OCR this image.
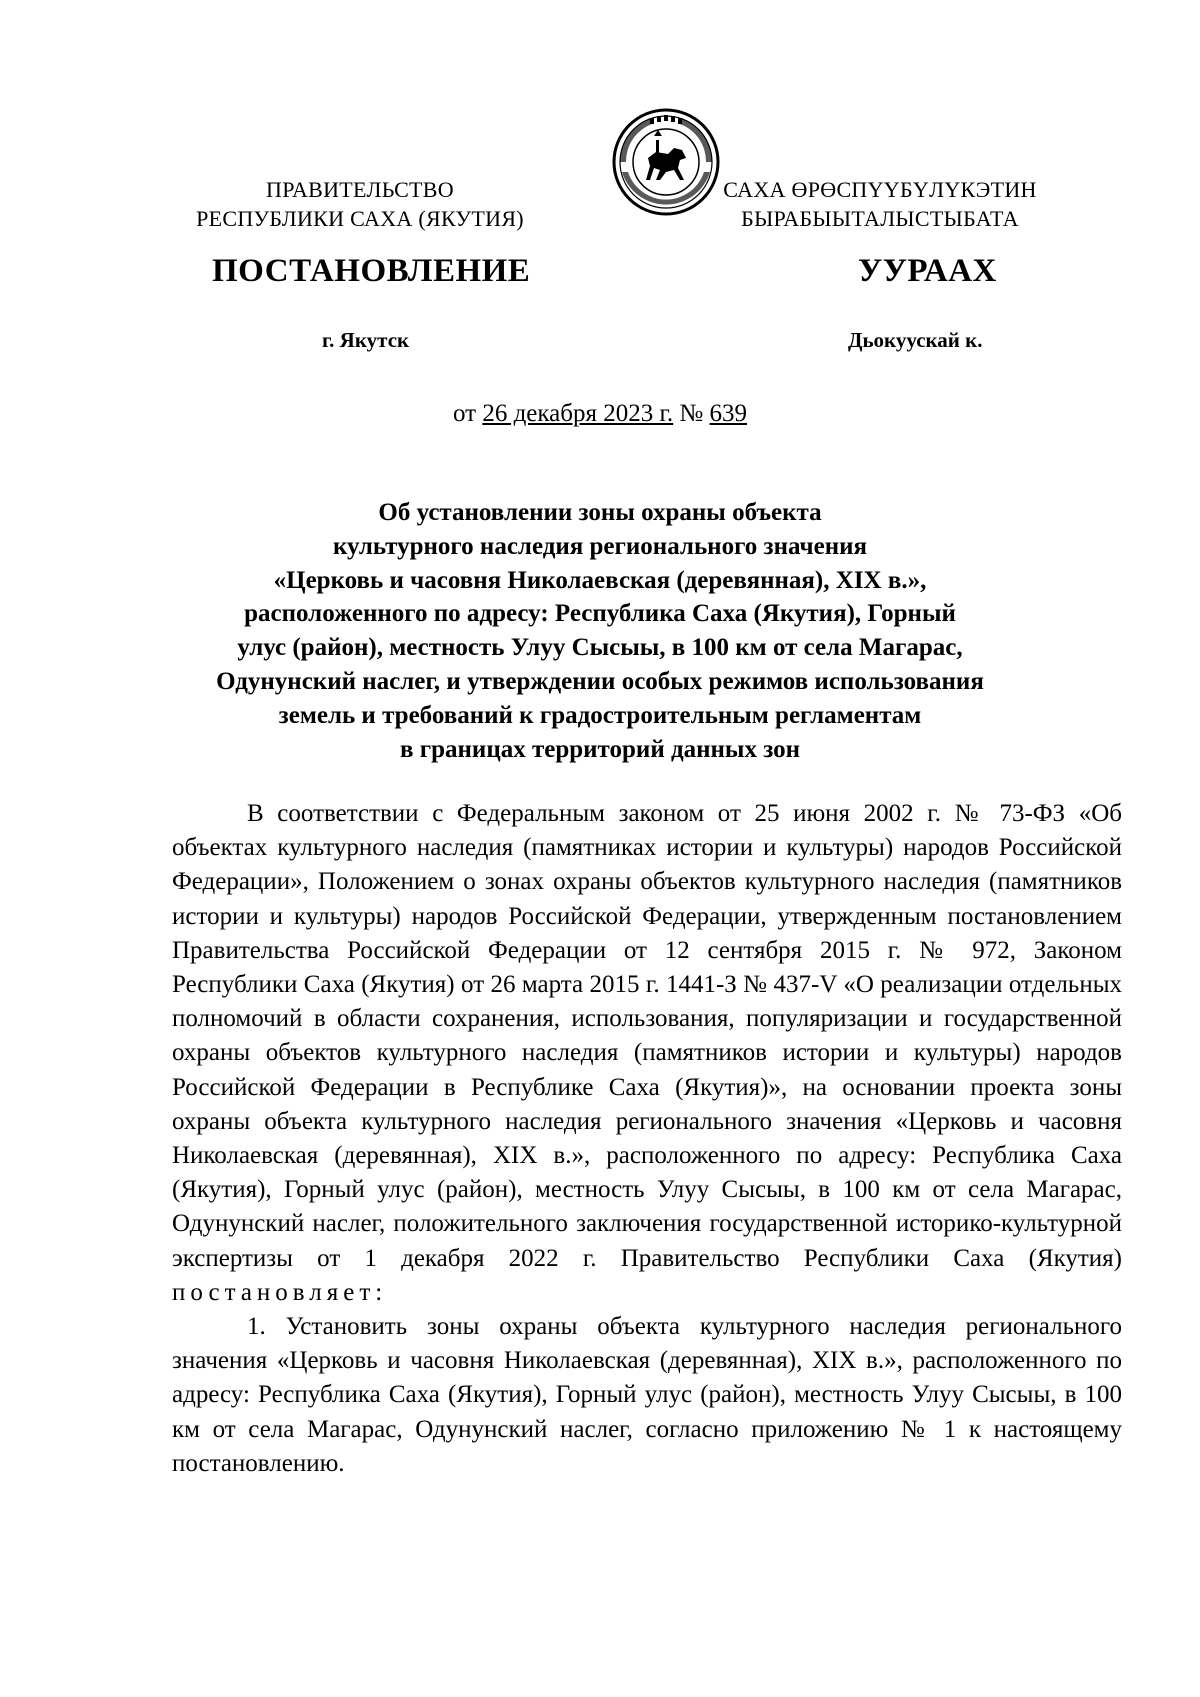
ПРАВИТЕЛЬСТВО
РЕСПУБЛИКИ САХА (ЯКУТИЯ)
САХА ӨРӨСПҮҮБҮЛҮКЭТИН
БЫРАБЫЫТАЛЫСТЫБАТА
ПОСТАНОВЛЕНИЕ	УУРААХ
г. Якутск	Дьокуускай к.
от 26 декабря 2023 г. № 639
Об установлении зоны охраны объекта
культурного наследия регионального значения
«Церковь и часовня Николаевская (деревянная), XIX в.»,
расположенного по адресу: Республика Саха (Якутия), Горный
улус (район), местность Улуу Сысыы, в 100 км от села Магарас,
Одунунский наслег, и утверждении особых режимов использования
земель и требований к градостроительным регламентам
в границах территорий данных зон

В соответствии с Федеральным законом от 25 июня 2002 г. № 73-ФЗ «Об объектах культурного наследия (памятниках истории и культуры) народов Российской Федерации», Положением о зонах охраны объектов культурного наследия (памятников истории и культуры) народов Российской Федерации, утвержденным постановлением Правительства Российской Федерации от 12 сентября 2015 г. № 972, Законом Республики Саха (Якутия) от 26 марта 2015 г. 1441-З № 437-V «О реализации отдельных полномочий в области сохранения, использования, популяризации и государственной охраны объектов культурного наследия (памятников истории и культуры) народов Российской Федерации в Республике Саха (Якутия)», на основании проекта зоны охраны объекта культурного наследия регионального значения «Церковь и часовня Николаевская (деревянная), XIX в.», расположенного по адресу: Республика Саха (Якутия), Горный улус (район), местность Улуу Сысыы, в 100 км от села Магарас, Одунунский наслег, положительного заключения государственной историко-культурной экспертизы от 1 декабря 2022 г. Правительство Республики Саха (Якутия) постановляет:

1. Установить зоны охраны объекта культурного наследия регионального значения «Церковь и часовня Николаевская (деревянная), XIX в.», расположенного по адресу: Республика Саха (Якутия), Горный улус (район), местность Улуу Сысыы, в 100 км от села Магарас, Одунунский наслег, согласно приложению № 1 к настоящему постановлению.
